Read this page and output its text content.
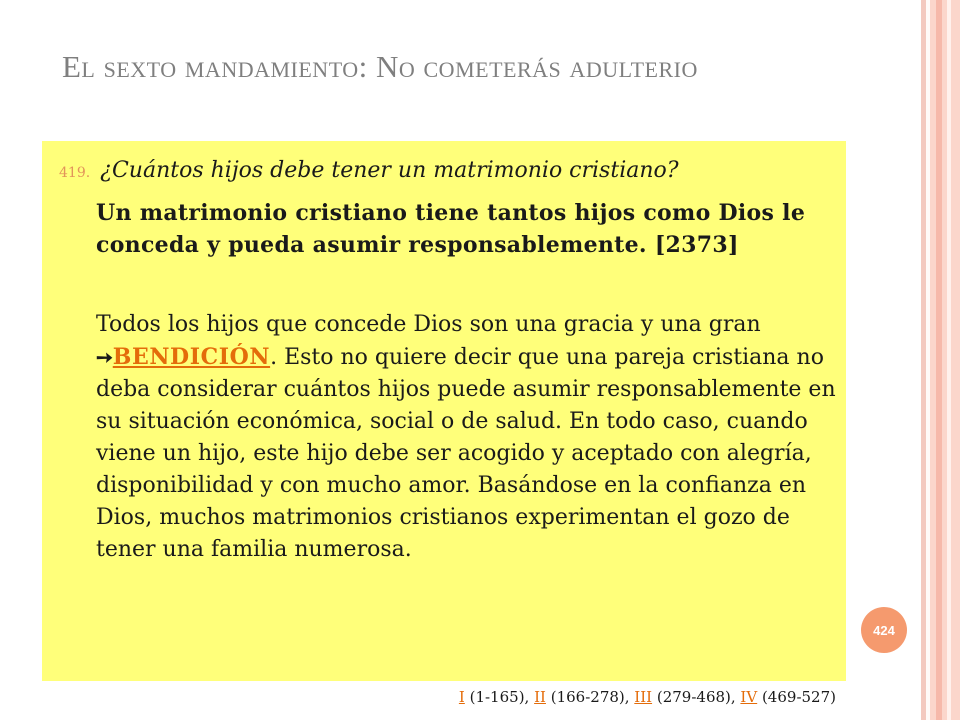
El sexto mandamiento: No cometerás adulterio
419. ¿Cuántos hijos debe tener un matrimonio cristiano?

Un matrimonio cristiano tiene tantos hijos como Dios le conceda y pueda asumir responsablemente. [2373]

Todos los hijos que concede Dios son una gracia y una gran ➙BENDICIÓN. Esto no quiere decir que una pareja cristiana no deba considerar cuántos hijos puede asumir responsablemente en su situación económica, social o de salud. En todo caso, cuando viene un hijo, este hijo debe ser acogido y aceptado con alegría, disponibilidad y con mucho amor. Basándose en la confianza en Dios, muchos matrimonios cristianos experimentan el gozo de tener una familia numerosa.

424
I (1-165), II (166-278), III (279-468), IV (469-527)
